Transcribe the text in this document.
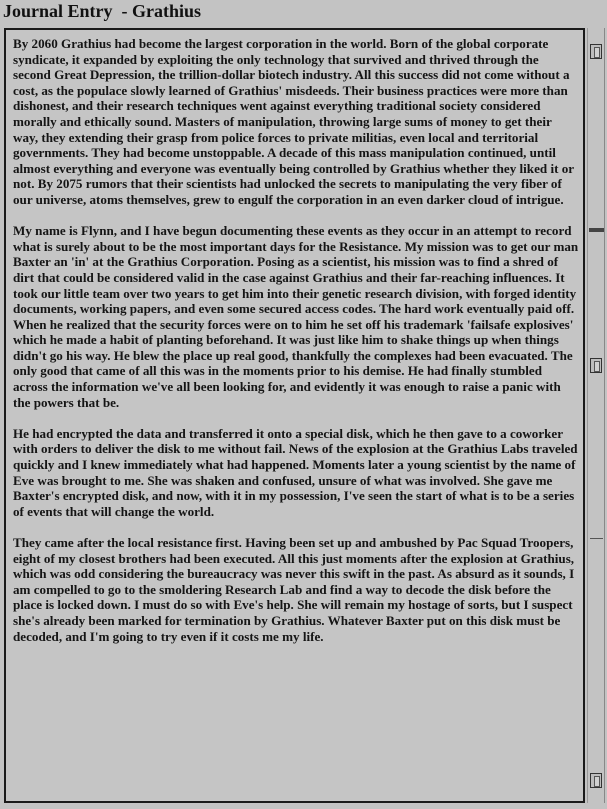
Journal Entry  - Grathius

By 2060 Grathius had become the largest corporation in the world. Born of the global corporate syndicate, it expanded by exploiting the only technology that survived and thrived through the second Great Depression, the trillion-dollar biotech industry. All this success did not come without a cost, as the populace slowly learned of Grathius' misdeeds. Their business practices were more than dishonest, and their research techniques went against everything traditional society considered morally and ethically sound. Masters of manipulation, throwing large sums of money to get their way, they extending their grasp from police forces to private militias, even local and territorial governments. They had become unstoppable. A decade of this mass manipulation continued, until almost everything and everyone was eventually being controlled by Grathius whether they liked it or not. By 2075 rumors that their scientists had unlocked the secrets to manipulating the very fiber of our universe, atoms themselves, grew to engulf the corporation in an even darker cloud of intrigue.

My name is Flynn, and I have begun documenting these events as they occur in an attempt to record what is surely about to be the most important days for the Resistance. My mission was to get our man Baxter an 'in' at the Grathius Corporation. Posing as a scientist, his mission was to find a shred of dirt that could be considered valid in the case against Grathius and their far-reaching influences. It took our little team over two years to get him into their genetic research division, with forged identity documents, working papers, and even some secured access codes. The hard work eventually paid off. When he realized that the security forces were on to him he set off his trademark 'failsafe explosives' which he made a habit of planting beforehand. It was just like him to shake things up when things didn't go his way. He blew the place up real good, thankfully the complexes had been evacuated. The only good that came of all this was in the moments prior to his demise. He had finally stumbled across the information we've all been looking for, and evidently it was enough to raise a panic with the powers that be.

He had encrypted the data and transferred it onto a special disk, which he then gave to a coworker with orders to deliver the disk to me without fail. News of the explosion at the Grathius Labs traveled quickly and I knew immediately what had happened. Moments later a young scientist by the name of Eve was brought to me. She was shaken and confused, unsure of what was involved. She gave me Baxter's encrypted disk, and now, with it in my possession, I've seen the start of what is to be a series of events that will change the world.

They came after the local resistance first. Having been set up and ambushed by Pac Squad Troopers, eight of my closest brothers had been executed. All this just moments after the explosion at Grathius, which was odd considering the bureaucracy was never this swift in the past. As absurd as it sounds, I am compelled to go to the smoldering Research Lab and find a way to decode the disk before the place is locked down. I must do so with Eve's help. She will remain my hostage of sorts, but I suspect she's already been marked for termination by Grathius. Whatever Baxter put on this disk must be decoded, and I'm going to try even if it costs me my life.
